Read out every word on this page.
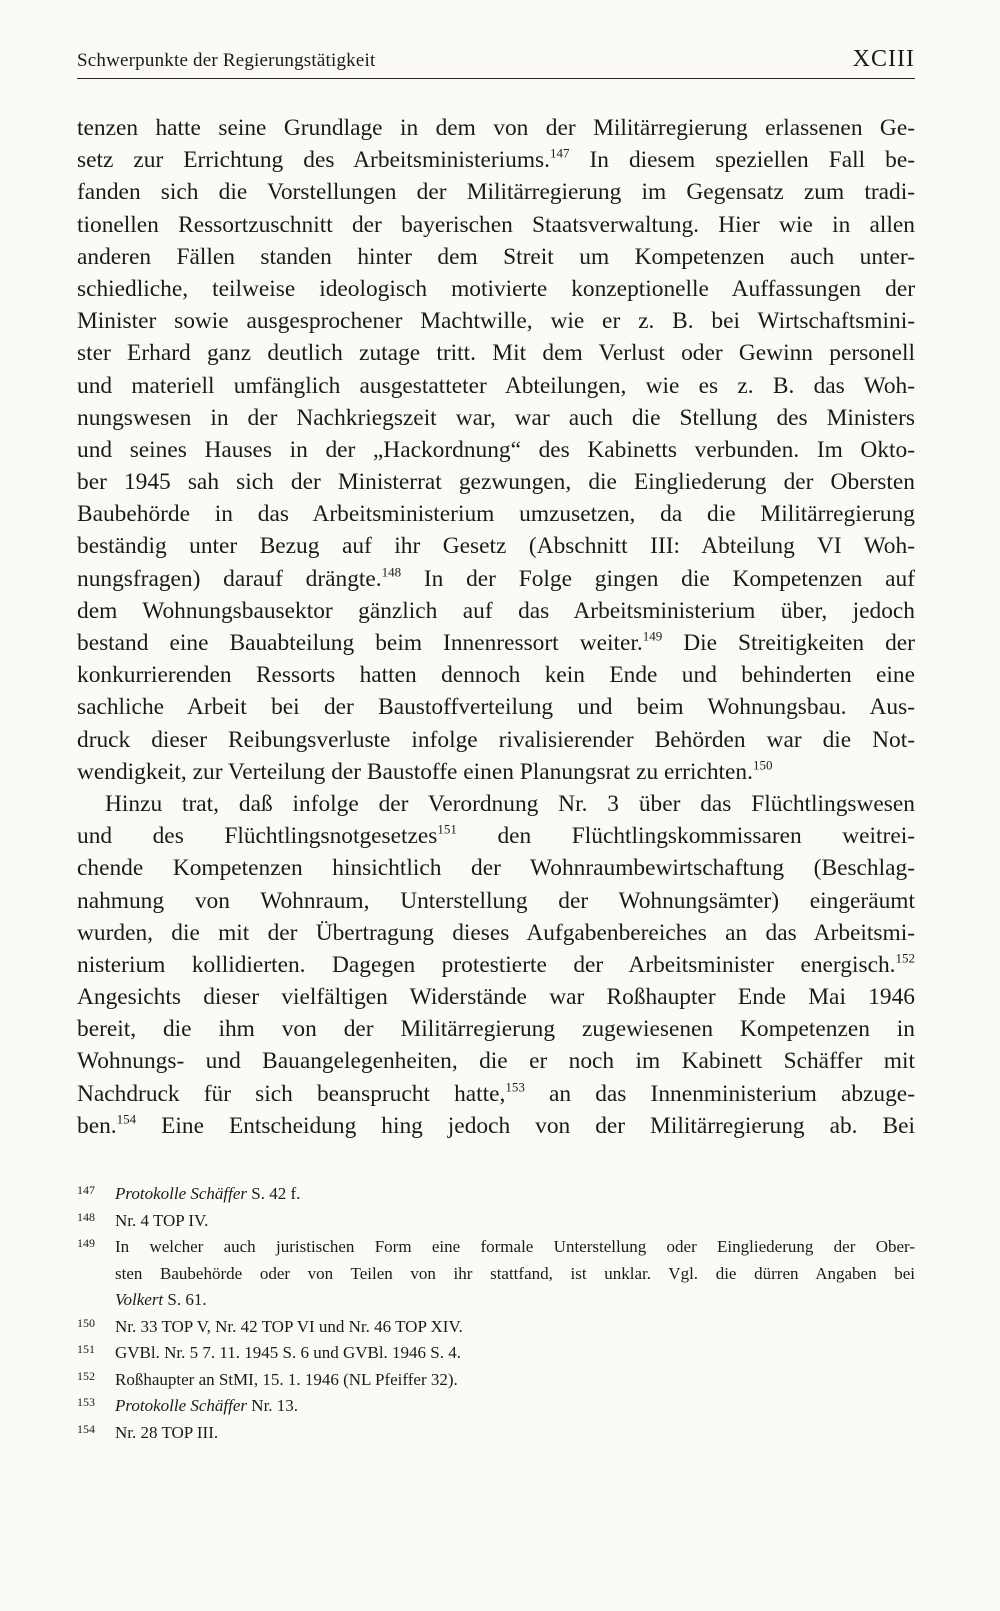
Schwerpunkte der Regierungstätigkeit	XCIII
tenzen hatte seine Grundlage in dem von der Militärregierung erlassenen Ge-
setz zur Errichtung des Arbeitsministeriums.$^{147}$ In diesem speziellen Fall be-
fanden sich die Vorstellungen der Militärregierung im Gegensatz zum tradi-
tionellen Ressortzuschnitt der bayerischen Staatsverwaltung. Hier wie in allen
anderen Fällen standen hinter dem Streit um Kompetenzen auch unter-
schiedliche, teilweise ideologisch motivierte konzeptionelle Auffassungen der
Minister sowie ausgesprochener Machtwille, wie er z. B. bei Wirtschaftsmini-
ster Erhard ganz deutlich zutage tritt. Mit dem Verlust oder Gewinn personell
und materiell umfänglich ausgestatteter Abteilungen, wie es z. B. das Woh-
nungswesen in der Nachkriegszeit war, war auch die Stellung des Ministers
und seines Hauses in der „Hackordnung“ des Kabinetts verbunden. Im Okto-
ber 1945 sah sich der Ministerrat gezwungen, die Eingliederung der Obersten
Baubehörde in das Arbeitsministerium umzusetzen, da die Militärregierung
beständig unter Bezug auf ihr Gesetz (Abschnitt III: Abteilung VI Woh-
nungsfragen) darauf drängte.$^{148}$ In der Folge gingen die Kompetenzen auf
dem Wohnungsbausektor gänzlich auf das Arbeitsministerium über, jedoch
bestand eine Bauabteilung beim Innenressort weiter.$^{149}$ Die Streitigkeiten der
konkurrierenden Ressorts hatten dennoch kein Ende und behinderten eine
sachliche Arbeit bei der Baustoffverteilung und beim Wohnungsbau. Aus-
druck dieser Reibungsverluste infolge rivalisierender Behörden war die Not-
wendigkeit, zur Verteilung der Baustoffe einen Planungsrat zu errichten.$^{150}$
Hinzu trat, daß infolge der Verordnung Nr. 3 über das Flüchtlingswesen
und des Flüchtlingsnotgesetzes$^{151}$ den Flüchtlingskommissaren weitrei-
chende Kompetenzen hinsichtlich der Wohnraumbewirtschaftung (Beschlag-
nahmung von Wohnraum, Unterstellung der Wohnungsämter) eingeräumt
wurden, die mit der Übertragung dieses Aufgabenbereiches an das Arbeitsmi-
nisterium kollidierten. Dagegen protestierte der Arbeitsminister energisch.$^{152}$
Angesichts dieser vielfältigen Widerstände war Roßhaupter Ende Mai 1946
bereit, die ihm von der Militärregierung zugewiesenen Kompetenzen in
Wohnungs- und Bauangelegenheiten, die er noch im Kabinett Schäffer mit
Nachdruck für sich beansprucht hatte,$^{153}$ an das Innenministerium abzuge-
ben.$^{154}$ Eine Entscheidung hing jedoch von der Militärregierung ab. Bei
147 Protokolle Schäffer S. 42 f.
148 Nr. 4 TOP IV.
149 In welcher auch juristischen Form eine formale Unterstellung oder Eingliederung der Ober-
sten Baubehörde oder von Teilen von ihr stattfand, ist unklar. Vgl. die dürren Angaben bei
Volkert S. 61.
150 Nr. 33 TOP V, Nr. 42 TOP VI und Nr. 46 TOP XIV.
151 GVBl. Nr. 5 7. 11. 1945 S. 6 und GVBl. 1946 S. 4.
152 Roßhaupter an StMI, 15. 1. 1946 (NL Pfeiffer 32).
153 Protokolle Schäffer Nr. 13.
154 Nr. 28 TOP III.
